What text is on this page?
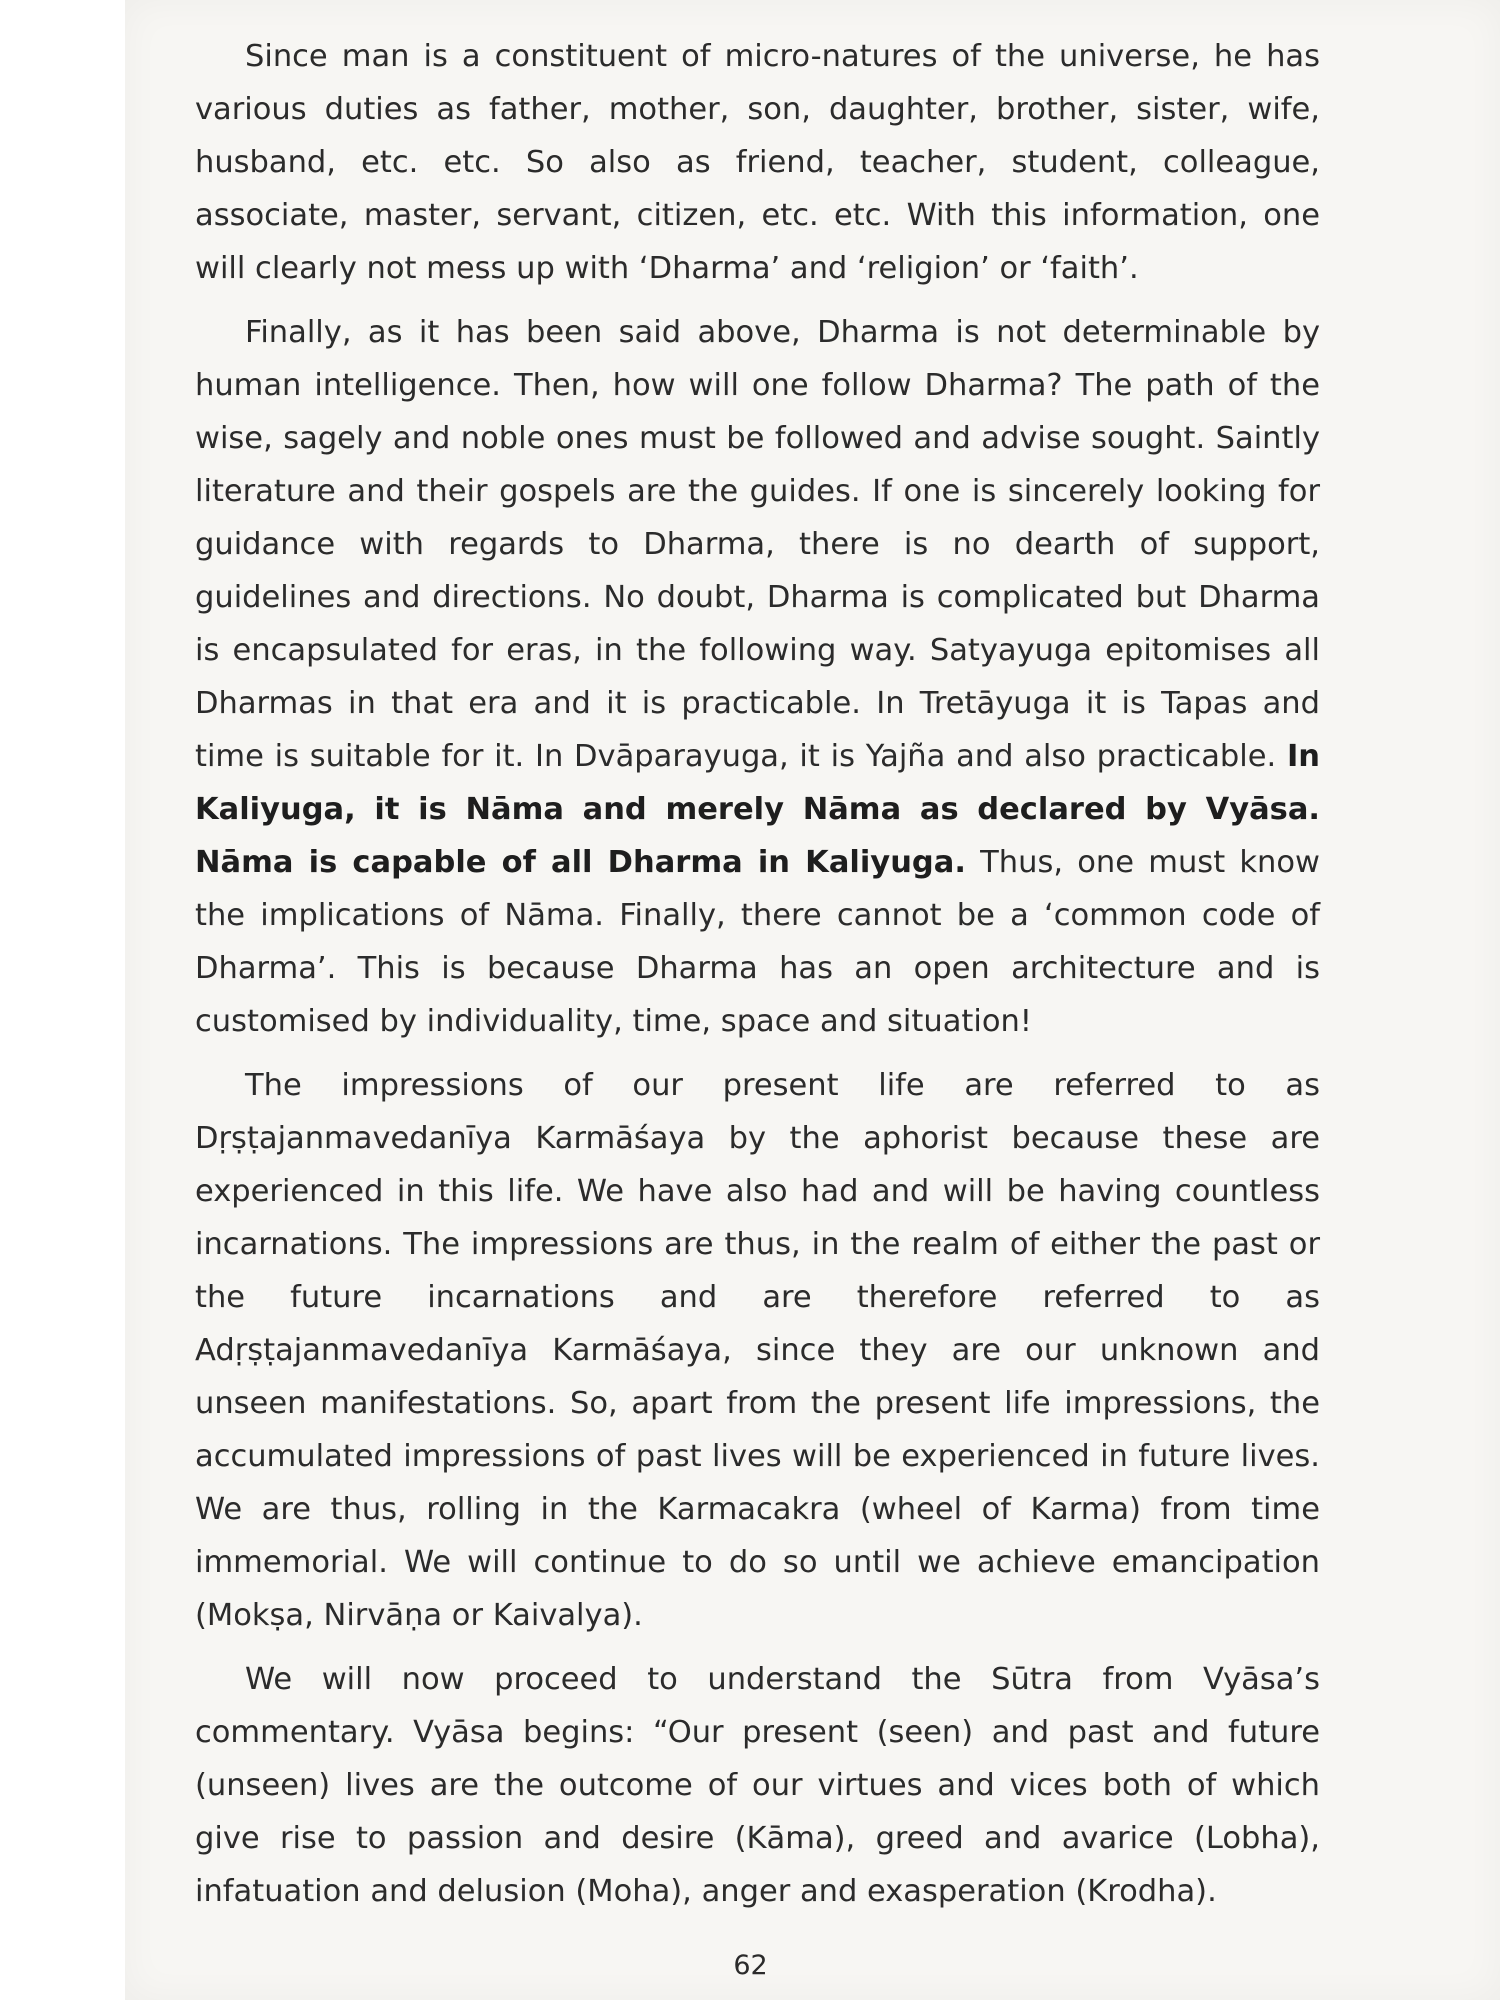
Since man is a constituent of micro-natures of the universe, he has various duties as father, mother, son, daughter, brother, sister, wife, husband, etc. etc. So also as friend, teacher, student, colleague, associate, master, servant, citizen, etc. etc. With this information, one will clearly not mess up with ‘Dharma’ and ‘religion’ or ‘faith’.

Finally, as it has been said above, Dharma is not determinable by human intelligence. Then, how will one follow Dharma? The path of the wise, sagely and noble ones must be followed and advise sought. Saintly literature and their gospels are the guides. If one is sincerely looking for guidance with regards to Dharma, there is no dearth of support, guidelines and directions. No doubt, Dharma is complicated but Dharma is encapsulated for eras, in the following way. Satyayuga epitomises all Dharmas in that era and it is practicable. In Tretāyuga it is Tapas and time is suitable for it. In Dvāparayuga, it is Yajña and also practicable. In Kaliyuga, it is Nāma and merely Nāma as declared by Vyāsa. Nāma is capable of all Dharma in Kaliyuga. Thus, one must know the implications of Nāma. Finally, there cannot be a ‘common code of Dharma’. This is because Dharma has an open architecture and is customised by individuality, time, space and situation!

The impressions of our present life are referred to as Dṛṣṭajanmavedanīya Karmāśaya by the aphorist because these are experienced in this life. We have also had and will be having countless incarnations. The impressions are thus, in the realm of either the past or the future incarnations and are therefore referred to as Adṛṣṭajanmavedanīya Karmāśaya, since they are our unknown and unseen manifestations. So, apart from the present life impressions, the accumulated impressions of past lives will be experienced in future lives. We are thus, rolling in the Karmacakra (wheel of Karma) from time immemorial. We will continue to do so until we achieve emancipation (Mokṣa, Nirvāṇa or Kaivalya).

We will now proceed to understand the Sūtra from Vyāsa’s commentary. Vyāsa begins: “Our present (seen) and past and future (unseen) lives are the outcome of our virtues and vices both of which give rise to passion and desire (Kāma), greed and avarice (Lobha), infatuation and delusion (Moha), anger and exasperation (Krodha).

62
